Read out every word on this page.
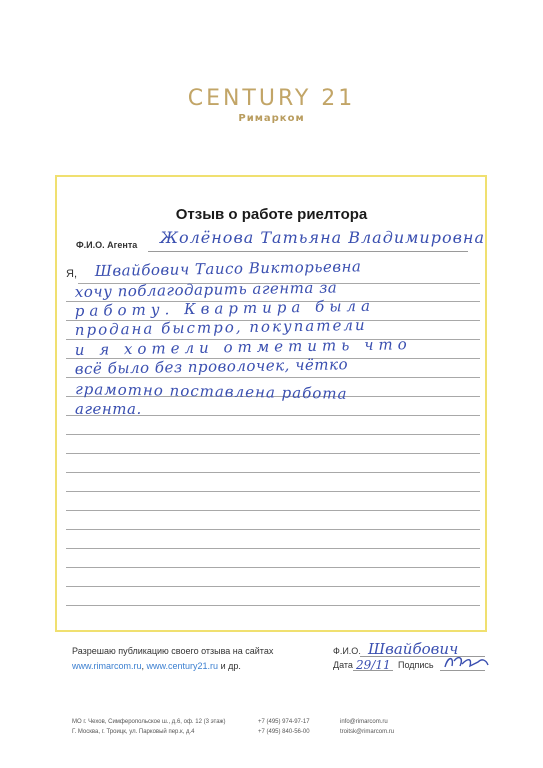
CENTURY 21
Римарком
Отзыв о работе риелтора
Ф.И.О. Агента Жолёнова Татьяна Владимировна
Я, Швайбович Таисо Викторьевна
хочу поблагодарить агента за
работу. Квартира была
продана быстро, покупатели
и я хотели отметить что
всё было без проволочек, чётко
грамотно поставлена работа
агента.
Разрешаю публикацию своего отзыва на сайтах
www.rimarcom.ru, www.century21.ru и др.
Ф.И.О. Швайбович
Дата 29/11 Подпись
МО г. Чехов, Симферопольское ш., д.6, оф. 12 (3 этаж)
Г. Москва, г. Троицк, ул. Парковый пер.к, д.4
+7 (495) 974-97-17
+7 (495) 840-56-00
info@rimarcom.ru
troitsk@rimarcom.ru
